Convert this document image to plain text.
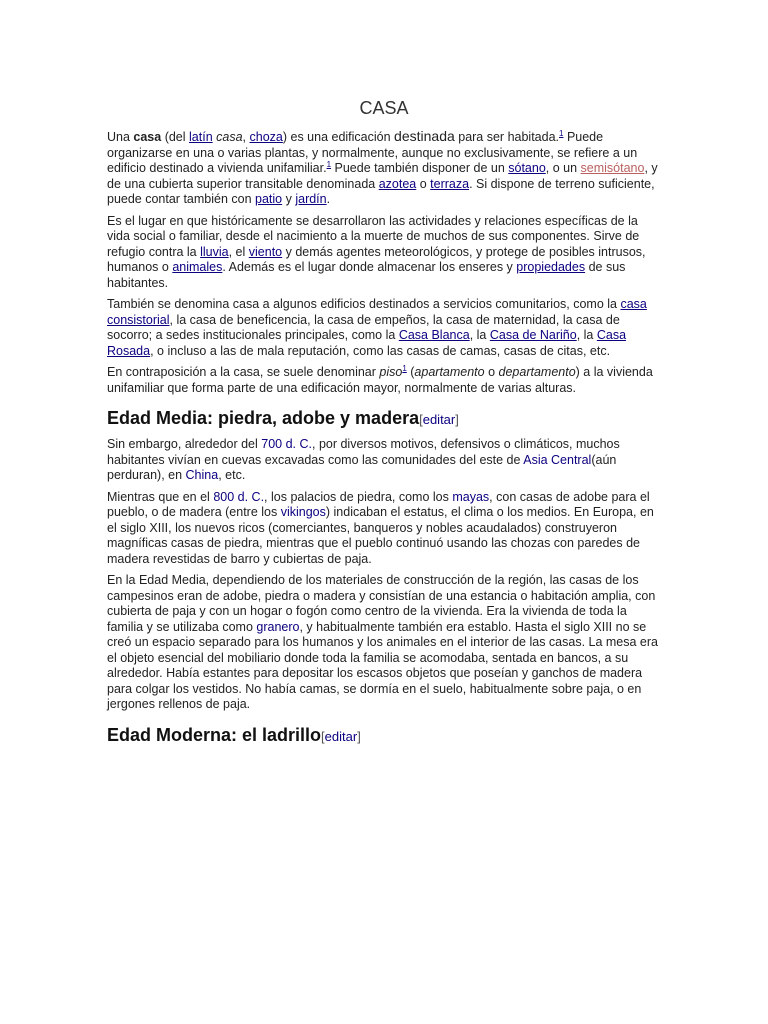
CASA

Una casa (del latín casa, choza) es una edificación destinada para ser habitada.$^1$ Puede organizarse en una o varias plantas, y normalmente, aunque no exclusivamente, se refiere a un edificio destinado a vivienda unifamiliar.$^1$ Puede también disponer de un sótano, o un semisótano, y de una cubierta superior transitable denominada azotea o terraza. Si dispone de terreno suficiente, puede contar también con patio y jardín.

Es el lugar en que históricamente se desarrollaron las actividades y relaciones específicas de la vida social o familiar, desde el nacimiento a la muerte de muchos de sus componentes. Sirve de refugio contra la lluvia, el viento y demás agentes meteorológicos, y protege de posibles intrusos, humanos o animales. Además es el lugar donde almacenar los enseres y propiedades de sus habitantes.

También se denomina casa a algunos edificios destinados a servicios comunitarios, como la casa consistorial, la casa de beneficencia, la casa de empeños, la casa de maternidad, la casa de socorro; a sedes institucionales principales, como la Casa Blanca, la Casa de Nariño, la Casa Rosada, o incluso a las de mala reputación, como las casas de camas, casas de citas, etc.

En contraposición a la casa, se suele denominar piso$^1$ (apartamento o departamento) a la vivienda unifamiliar que forma parte de una edificación mayor, normalmente de varias alturas.

Edad Media: piedra, adobe y madera[editar]

Sin embargo, alrededor del 700 d. C., por diversos motivos, defensivos o climáticos, muchos habitantes vivían en cuevas excavadas como las comunidades del este de Asia Central(aún perduran), en China, etc.

Mientras que en el 800 d. C., los palacios de piedra, como los mayas, con casas de adobe para el pueblo, o de madera (entre los vikingos) indicaban el estatus, el clima o los medios. En Europa, en el siglo XIII, los nuevos ricos (comerciantes, banqueros y nobles acaudalados) construyeron magníficas casas de piedra, mientras que el pueblo continuó usando las chozas con paredes de madera revestidas de barro y cubiertas de paja.

En la Edad Media, dependiendo de los materiales de construcción de la región, las casas de los campesinos eran de adobe, piedra o madera y consistían de una estancia o habitación amplia, con cubierta de paja y con un hogar o fogón como centro de la vivienda. Era la vivienda de toda la familia y se utilizaba como granero, y habitualmente también era establo. Hasta el siglo XIII no se creó un espacio separado para los humanos y los animales en el interior de las casas. La mesa era el objeto esencial del mobiliario donde toda la familia se acomodaba, sentada en bancos, a su alrededor. Había estantes para depositar los escasos objetos que poseían y ganchos de madera para colgar los vestidos. No había camas, se dormía en el suelo, habitualmente sobre paja, o en jergones rellenos de paja.

Edad Moderna: el ladrillo[editar]
